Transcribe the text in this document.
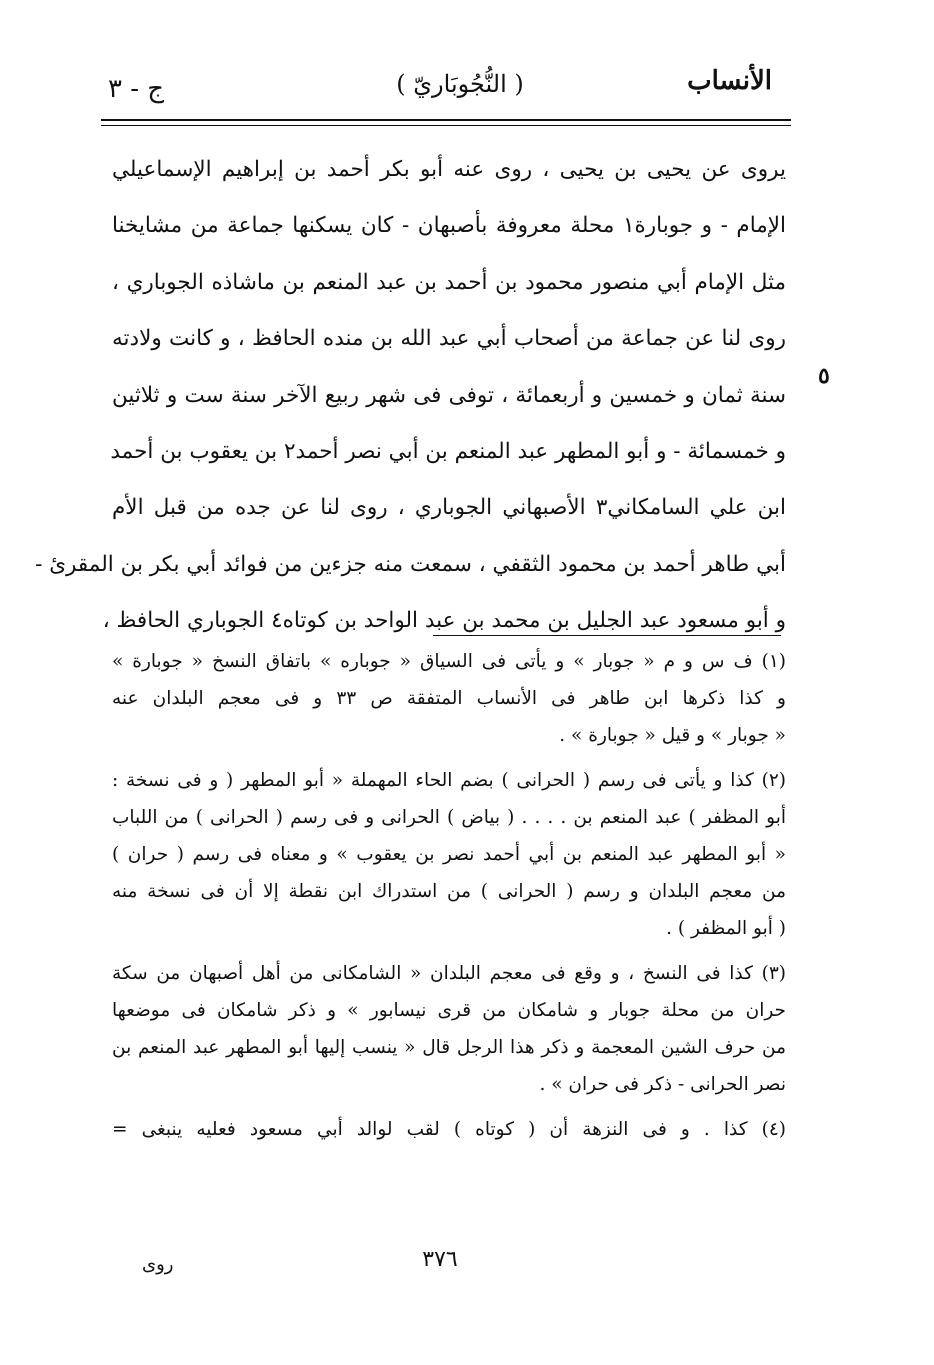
الأنساب
( النُّجُوبَاريّ )
ج - ٣
يروى عن يحيى بن يحيى ، روى عنه أبو بكر أحمد بن إبراهيم الإسماعيلي
الإمام - و جوبارة١ محلة معروفة بأصبهان - كان يسكنها جماعة من مشايخنا
مثل الإمام أبي منصور محمود بن أحمد بن عبد المنعم بن ماشاذه الجوباري ،
روى لنا عن جماعة من أصحاب أبي عبد الله بن منده الحافظ ، و كانت ولادته
سنة ثمان و خمسين و أربعمائة ، توفى فى شهر ربيع الآخر سنة ست و ثلاثين
و خمسمائة - و أبو المطهر عبد المنعم بن أبي نصر أحمد٢ بن يعقوب بن أحمد
ابن علي السامكاني٣ الأصبهاني الجوباري ، روى لنا عن جده من قبل الأم
أبي طاهر أحمد بن محمود الثقفي ، سمعت منه جزءين من فوائد أبي بكر بن المقرئ -
و أبو مسعود عبد الجليل بن محمد بن عبد الواحد بن كوتاه٤ الجوباري الحافظ ،
٥
(١) ف س و م « جوبار » و يأتى فى السياق « جوباره » باتفاق النسخ « جوبارة »
و كذا ذكرها ابن طاهر فى الأنساب المتفقة ص ٣٣ و فى معجم البلدان عنه
« جوبار » و قيل « جوبارة » .
(٢) كذا و يأتى فى رسم ( الحرانى ) بضم الحاء المهملة « أبو المطهر ( و فى نسخة :
أبو المظفر ) عبد المنعم بن . . . . ( بياض ) الحرانى و فى رسم ( الحرانى ) من اللباب
« أبو المطهر عبد المنعم بن أبي أحمد نصر بن يعقوب » و معناه فى رسم ( حران )
من معجم البلدان و رسم ( الحرانى ) من استدراك ابن نقطة إلا أن فى نسخة منه
( أبو المظفر ) .
(٣) كذا فى النسخ ، و وقع فى معجم البلدان « الشامكانى من أهل أصبهان من سكة
حران من محلة جوبار و شامكان من قرى نيسابور » و ذكر شامكان فى موضعها
من حرف الشين المعجمة و ذكر هذا الرجل قال « ينسب إليها أبو المطهر عبد المنعم بن
نصر الحرانى - ذكر فى حران » .
(٤) كذا . و فى النزهة أن ( كوتاه ) لقب لوالد أبي مسعود فعليه ينبغى =
٣٧٦
روى
